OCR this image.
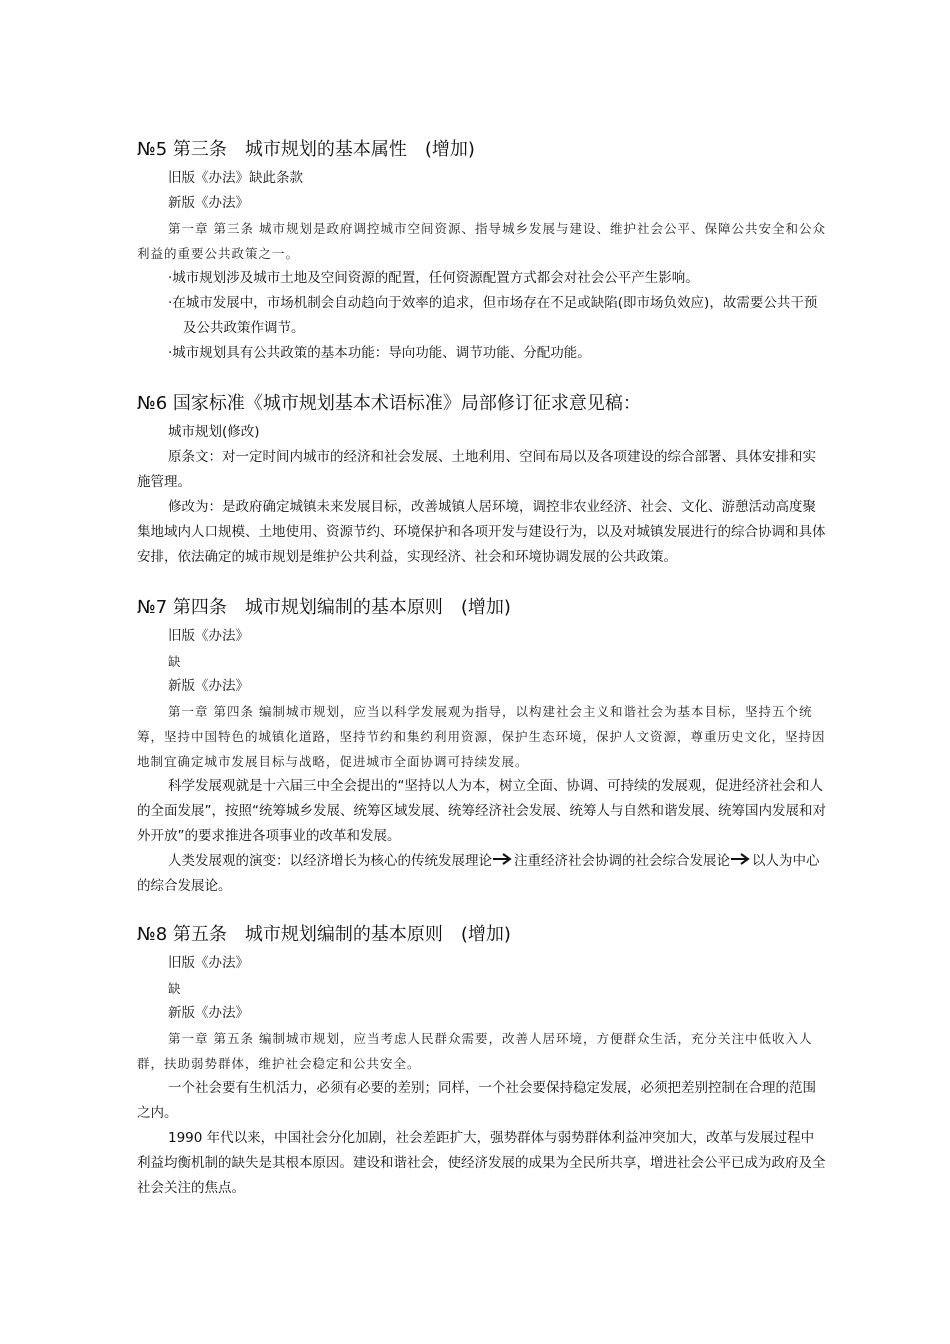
№5 第三条　城市规划的基本属性　(增加)

旧版《办法》缺此条款

新版《办法》

第一章 第三条 城市规划是政府调控城市空间资源、指导城乡发展与建设、维护社会公平、保障公共安全和公众利益的重要公共政策之一。

·城市规划涉及城市土地及空间资源的配置，任何资源配置方式都会对社会公平产生影响。

·在城市发展中，市场机制会自动趋向于效率的追求，但市场存在不足或缺陷(即市场负效应)，故需要公共干预及公共政策作调节。

·城市规划具有公共政策的基本功能：导向功能、调节功能、分配功能。

№6 国家标准《城市规划基本术语标准》局部修订征求意见稿：

城市规划(修改)

原条文：对一定时间内城市的经济和社会发展、土地利用、空间布局以及各项建设的综合部署、具体安排和实施管理。

修改为：是政府确定城镇未来发展目标，改善城镇人居环境，调控非农业经济、社会、文化、游憩活动高度聚集地域内人口规模、土地使用、资源节约、环境保护和各项开发与建设行为，以及对城镇发展进行的综合协调和具体安排，依法确定的城市规划是维护公共利益，实现经济、社会和环境协调发展的公共政策。

№7 第四条　城市规划编制的基本原则　(增加)

旧版《办法》

缺

新版《办法》

第一章 第四条 编制城市规划，应当以科学发展观为指导，以构建社会主义和谐社会为基本目标，坚持五个统筹，坚持中国特色的城镇化道路，坚持节约和集约利用资源，保护生态环境，保护人文资源，尊重历史文化，坚持因地制宜确定城市发展目标与战略，促进城市全面协调可持续发展。

科学发展观就是十六届三中全会提出的“坚持以人为本，树立全面、协调、可持续的发展观，促进经济社会和人的全面发展”，按照“统筹城乡发展、统筹区域发展、统筹经济社会发展、统筹人与自然和谐发展、统筹国内发展和对外开放”的要求推进各项事业的改革和发展。

人类发展观的演变：以经济增长为核心的传统发展理论 注重经济社会协调的社会综合发展论 以人为中心的综合发展论。

№8 第五条　城市规划编制的基本原则　(增加)

旧版《办法》

缺

新版《办法》

第一章 第五条 编制城市规划，应当考虑人民群众需要，改善人居环境，方便群众生活，充分关注中低收入人群，扶助弱势群体，维护社会稳定和公共安全。

一个社会要有生机活力，必须有必要的差别；同样，一个社会要保持稳定发展，必须把差别控制在合理的范围之内。

1990 年代以来，中国社会分化加剧，社会差距扩大，强势群体与弱势群体利益冲突加大，改革与发展过程中利益均衡机制的缺失是其根本原因。建设和谐社会，使经济发展的成果为全民所共享，增进社会公平已成为政府及全社会关注的焦点。
